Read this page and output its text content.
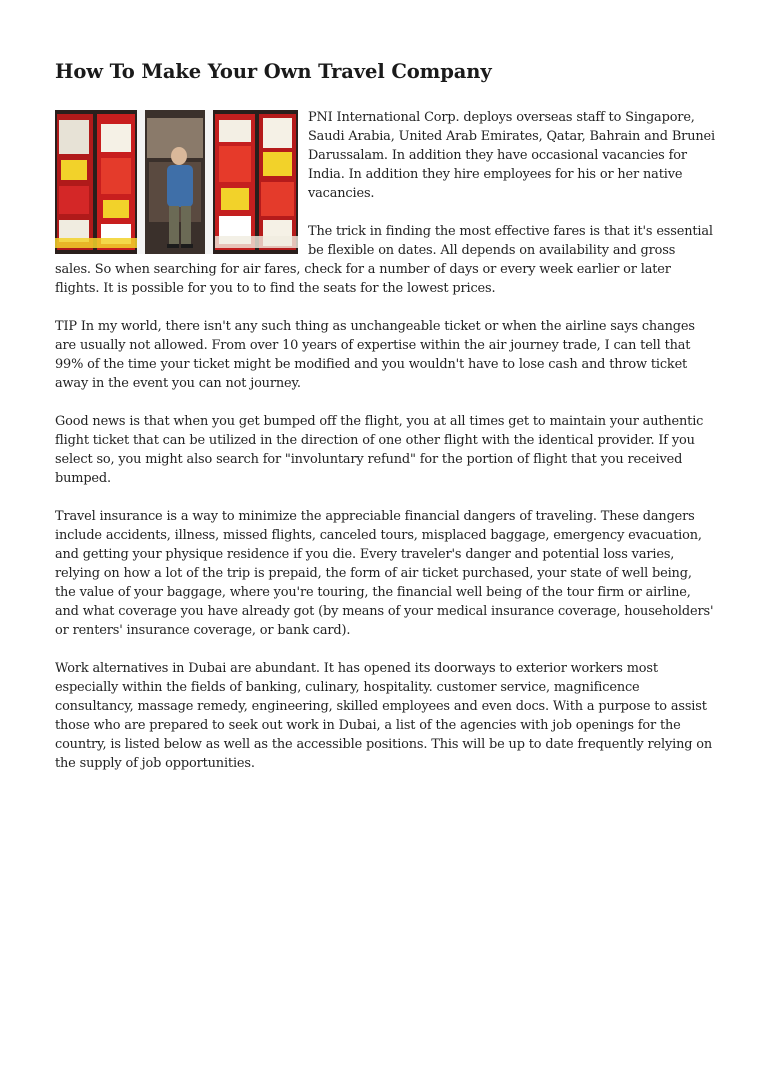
How To Make Your Own Travel Company

PNI International Corp. deploys overseas staff to Singapore, Saudi Arabia, United Arab Emirates, Qatar, Bahrain and Brunei Darussalam. In addition they have occasional vacancies for India. In addition they hire employees for his or her native vacancies.

The trick in finding the most effective fares is that it's essential be flexible on dates. All depends on availability and gross sales. So when searching for air fares, check for a number of days or every week earlier or later flights. It is possible for you to to find the seats for the lowest prices.

TIP In my world, there isn't any such thing as unchangeable ticket or when the airline says changes are usually not allowed. From over 10 years of expertise within the air journey trade, I can tell that 99% of the time your ticket might be modified and you wouldn't have to lose cash and throw ticket away in the event you can not journey.

Good news is that when you get bumped off the flight, you at all times get to maintain your authentic flight ticket that can be utilized in the direction of one other flight with the identical provider. If you select so, you might also search for "involuntary refund" for the portion of flight that you received bumped.

Travel insurance is a way to minimize the appreciable financial dangers of traveling. These dangers include accidents, illness, missed flights, canceled tours, misplaced baggage, emergency evacuation, and getting your physique residence if you die. Every traveler's danger and potential loss varies, relying on how a lot of the trip is prepaid, the form of air ticket purchased, your state of well being, the value of your baggage, where you're touring, the financial well being of the tour firm or airline, and what coverage you have already got (by means of your medical insurance coverage, householders' or renters' insurance coverage, or bank card).

Work alternatives in Dubai are abundant. It has opened its doorways to exterior workers most especially within the fields of banking, culinary, hospitality. customer service, magnificence consultancy, massage remedy, engineering, skilled employees and even docs. With a purpose to assist those who are prepared to seek out work in Dubai, a list of the agencies with job openings for the country, is listed below as well as the accessible positions. This will be up to date frequently relying on the supply of job opportunities.
